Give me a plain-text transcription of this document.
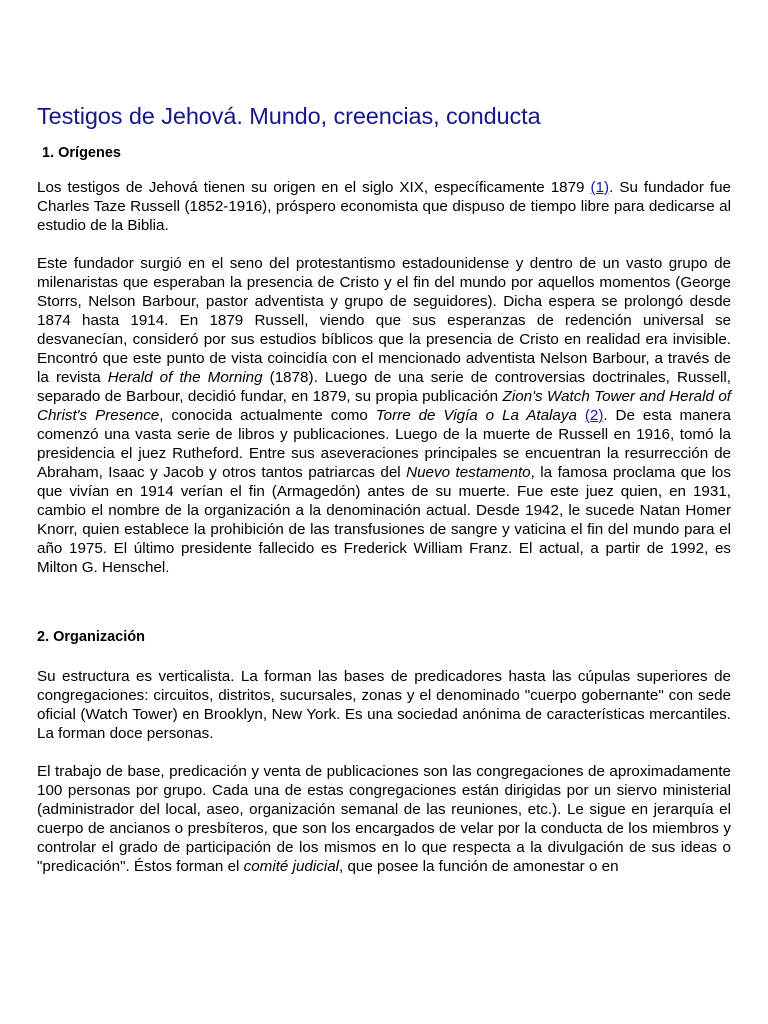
Testigos de Jehová. Mundo, creencias, conducta
1. Orígenes

Los testigos de Jehová tienen su origen en el siglo XIX, específicamente 1879 (1). Su fundador fue Charles Taze Russell (1852-1916), próspero economista que dispuso de tiempo libre para dedicarse al estudio de la Biblia.

Este fundador surgió en el seno del protestantismo estadounidense y dentro de un vasto grupo de milenaristas que esperaban la presencia de Cristo y el fin del mundo por aquellos momentos (George Storrs, Nelson Barbour, pastor adventista y grupo de seguidores). Dicha espera se prolongó desde 1874 hasta 1914. En 1879 Russell, viendo que sus esperanzas de redención universal se desvanecían, consideró por sus estudios bíblicos que la presencia de Cristo en realidad era invisible. Encontró que este punto de vista coincidía con el mencionado adventista Nelson Barbour, a través de la revista Herald of the Morning (1878). Luego de una serie de controversias doctrinales, Russell, separado de Barbour, decidió fundar, en 1879, su propia publicación Zion's Watch Tower and Herald of Christ's Presence, conocida actualmente como Torre de Vigía o La Atalaya (2). De esta manera comenzó una vasta serie de libros y publicaciones. Luego de la muerte de Russell en 1916, tomó la presidencia el juez Rutheford. Entre sus aseveraciones principales se encuentran la resurrección de Abraham, Isaac y Jacob y otros tantos patriarcas del Nuevo testamento, la famosa proclama que los que vivían en 1914 verían el fin (Armagedón) antes de su muerte. Fue este juez quien, en 1931, cambio el nombre de la organización a la denominación actual. Desde 1942, le sucede Natan Homer Knorr, quien establece la prohibición de las transfusiones de sangre y vaticina el fin del mundo para el año 1975. El último presidente fallecido es Frederick William Franz. El actual, a partir de 1992, es Milton G. Henschel.

2. Organización

Su estructura es verticalista. La forman las bases de predicadores hasta las cúpulas superiores de congregaciones: circuitos, distritos, sucursales, zonas y el denominado "cuerpo gobernante" con sede oficial (Watch Tower) en Brooklyn, New York. Es una sociedad anónima de características mercantiles. La forman doce personas.

El trabajo de base, predicación y venta de publicaciones son las congregaciones de aproximadamente 100 personas por grupo. Cada una de estas congregaciones están dirigidas por un siervo ministerial (administrador del local, aseo, organización semanal de las reuniones, etc.). Le sigue en jerarquía el cuerpo de ancianos o presbíteros, que son los encargados de velar por la conducta de los miembros y controlar el grado de participación de los mismos en lo que respecta a la divulgación de sus ideas o "predicación". Éstos forman el comité judicial, que posee la función de amonestar o en
